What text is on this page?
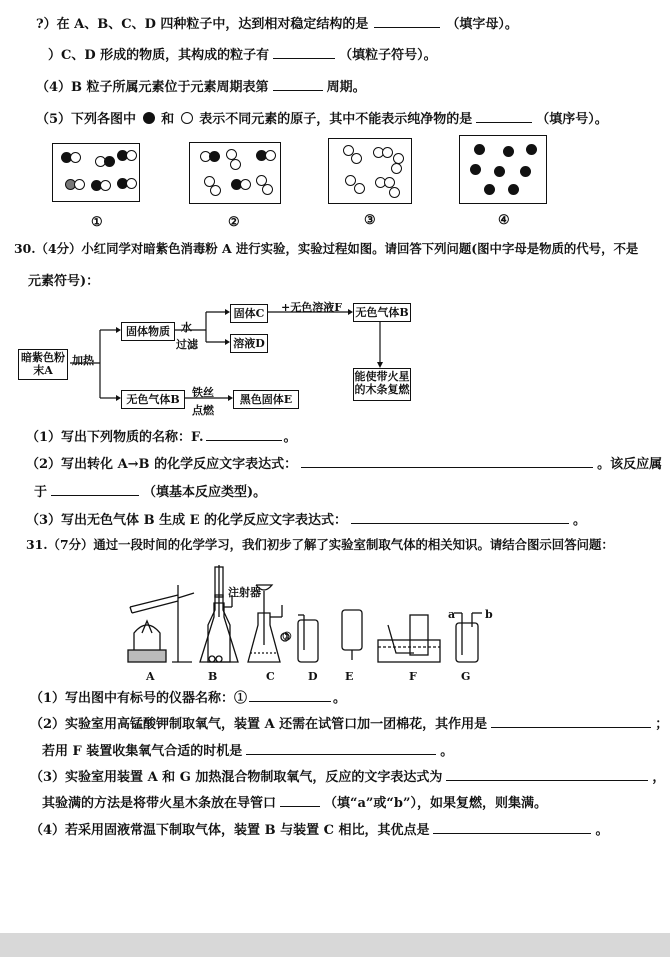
?）在 A、B、C、D 四种粒子中，达到相对稳定结构的是	（填字母）。
）C、D 形成的物质，其构成的粒子有	（填粒子符号）。
（4）B 粒子所属元素位于元素周期表第	周期。
（5）下列各图中 和 表示不同元素的原子，其中不能表示纯净物的是	（填序号）。
①	②	③	④
30.（4分）小红同学对暗紫色消毒粉 A 进行实验，实验过程如图。请回答下列问题(图中字母是物质的代号，不是
元素符号)：
暗紫色粉末A
加热
固体物质	水
过滤
固体C
溶液D
+无色溶液F 无色气体B
能使带火星的木条复燃
无色气体B
铁丝
点燃
黑色固体E
（1）写出下列物质的名称：F.	。
（2）写出转化 A→B 的化学反应文字表达式：	。该反应属
于	（填基本反应类型)。
（3）写出无色气体 B 生成 E 的化学反应文字表达式：	。
31.（7分）通过一段时间的化学学习，我们初步了解了实验室制取气体的相关知识。请结合图示回答问题：
注射器
①
a	b
A	B	C	D E	F	G
（1）写出图中有标号的仪器名称：①	。
（2）实验室用高锰酸钾制取氧气，装置 A 还需在试管口加一团棉花，其作用是	；
若用 F 装置收集氧气合适的时机是	。
（3）实验室用装置 A 和 G 加热混合物制取氧气，反应的文字表达式为	，
其验满的方法是将带火星木条放在导管口	（填“a”或“b”），如果复燃，则集满。
（4）若采用固液常温下制取气体，装置 B 与装置 C 相比，其优点是	。
